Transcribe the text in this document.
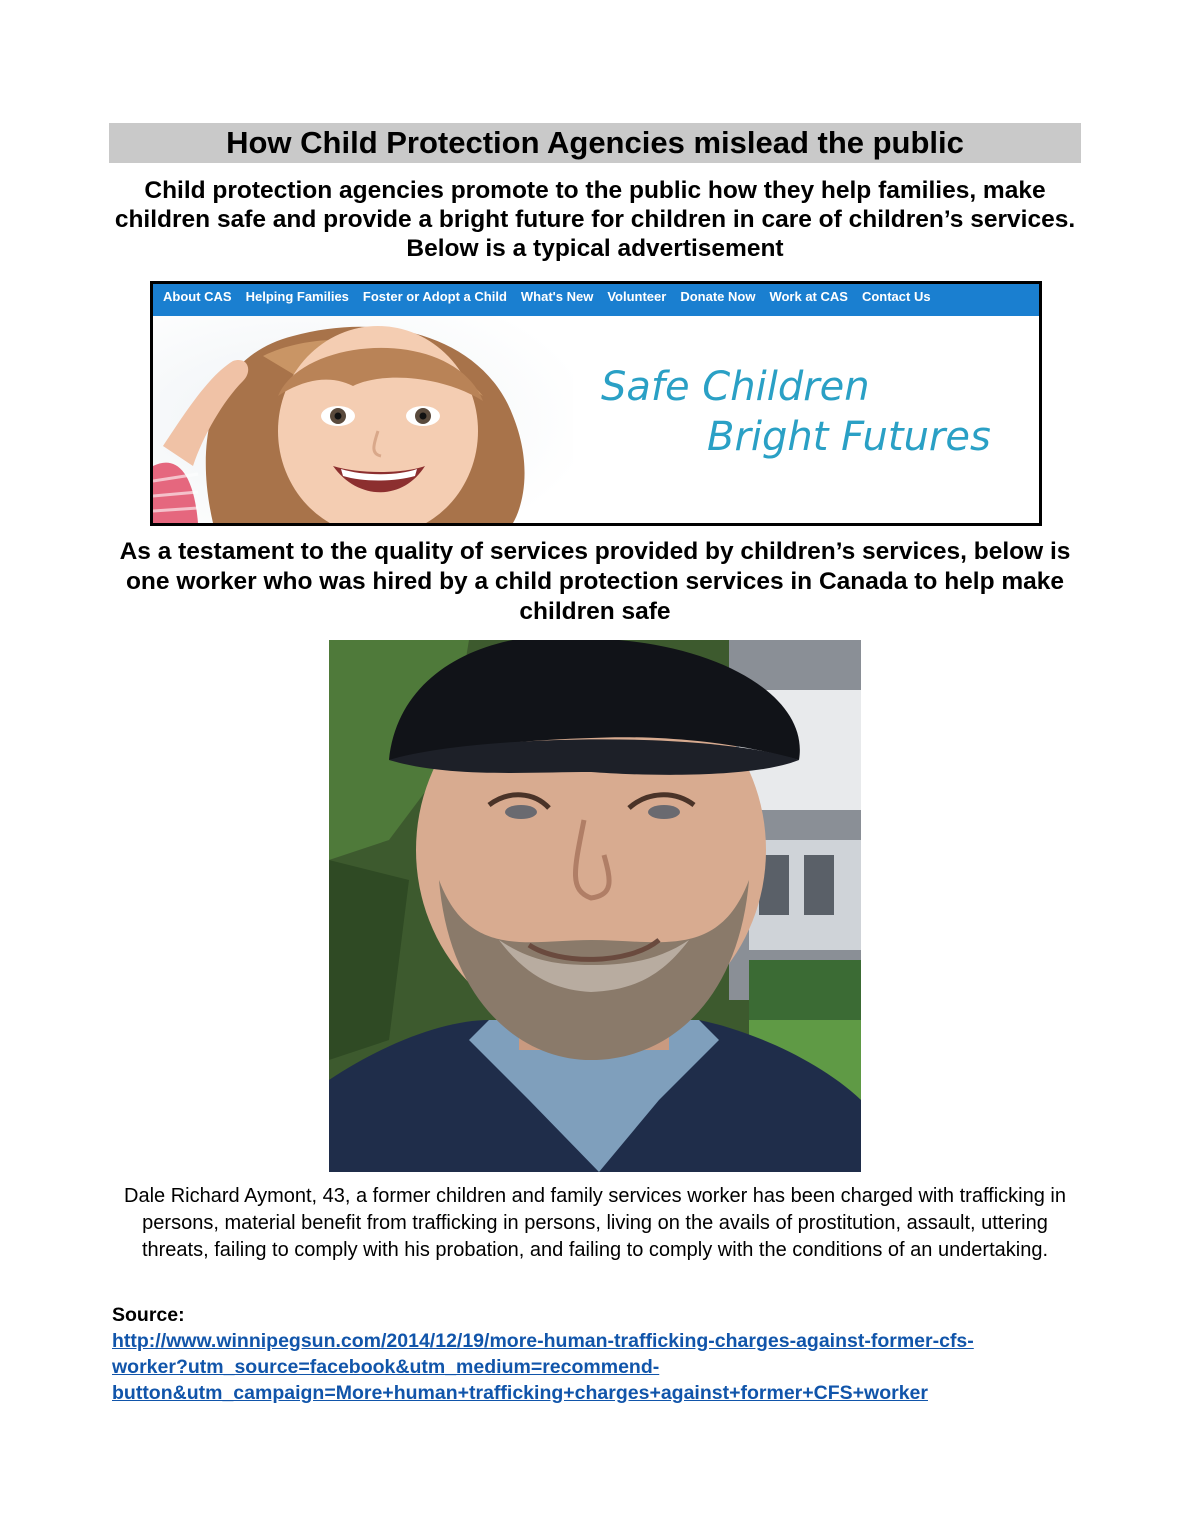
How Child Protection Agencies mislead the public
Child protection agencies promote to the public how they help families, make children safe and provide a bright future for children in care of children’s services. Below is a typical advertisement
About CAS	Helping Families	Foster or Adopt a Child	What's New	Volunteer	Donate Now	Work at CAS	Contact Us
Safe Children
Bright Futures
As a testament to the quality of services provided by children’s services, below is one worker who was hired by a child protection services in Canada to help make children safe
Dale Richard Aymont, 43, a former children and family services worker has been charged with trafficking in persons, material benefit from trafficking in persons, living on the avails of prostitution, assault, uttering threats, failing to comply with his probation, and failing to comply with the conditions of an undertaking.
Source:
http://www.winnipegsun.com/2014/12/19/more-human-trafficking-charges-against-former-cfs-
worker?utm_source=facebook&utm_medium=recommend-
button&utm_campaign=More+human+trafficking+charges+against+former+CFS+worker
